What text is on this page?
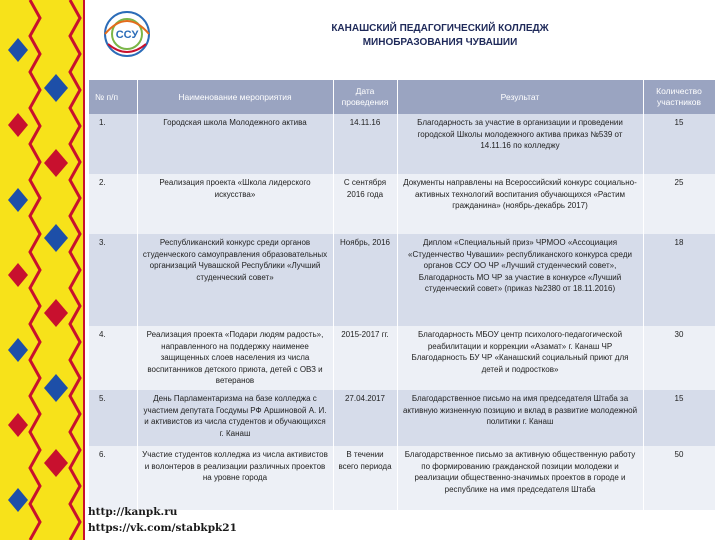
ССУ
КАНАШСКИЙ ПЕДАГОГИЧЕСКИЙ КОЛЛЕДЖ
МИНОБРАЗОВАНИЯ ЧУВАШИИ
№ п/п	Наименование мероприятия	Дата проведения	Результат	Количество участников
1.	Городская школа Молодежного актива	14.11.16	Благодарность за участие в организации и проведении городской Школы молодежного актива приказ №539 от 14.11.16 по колледжу	15
2.	Реализация проекта «Школа лидерского искусства»	С сентября 2016 года	Документы направлены на Всероссийский конкурс социально-активных технологий воспитания обучающихся «Растим гражданина» (ноябрь-декабрь 2017)	25
3.	Республиканский конкурс среди органов студенческого самоуправления образовательных организаций Чувашской Республики «Лучший студенческий совет»	Ноябрь, 2016	Диплом «Специальный приз» ЧРМОО «Ассоциация «Студенчество Чувашии» республиканского конкурса среди органов ССУ ОО ЧР «Лучший студенческий совет», Благодарность МО ЧР за участие в конкурсе «Лучший студенческий совет» (приказ №2380 от 18.11.2016)	18
4.	Реализация проекта «Подари людям радость», направленного на поддержку наименее защищенных слоев населения из числа воспитанников детского приюта, детей с ОВЗ и ветеранов	2015-2017 гг.	Благодарность МБОУ центр психолого-педагогической реабилитации и коррекции «Азамат» г. Канаш ЧР Благодарность БУ ЧР «Канашский социальный приют для детей и подростков»	30
5.	День Парламентаризма на базе колледжа с участием депутата Госдумы РФ Аршиновой А. И. и активистов из числа студентов и обучающихся г. Канаш	27.04.2017	Благодарственное письмо на имя председателя Штаба за активную жизненную позицию и вклад в развитие молодежной политики г. Канаш	15
6.	Участие студентов колледжа из числа активистов и волонтеров в реализации различных проектов на уровне города	В течении всего периода	Благодарственное письмо за активную общественную работу по формированию гражданской позиции молодежи и реализации общественно-значимых проектов в городе и республике на имя председателя Штаба	50
http://kanpk.ru
https://vk.com/stabkpk21
